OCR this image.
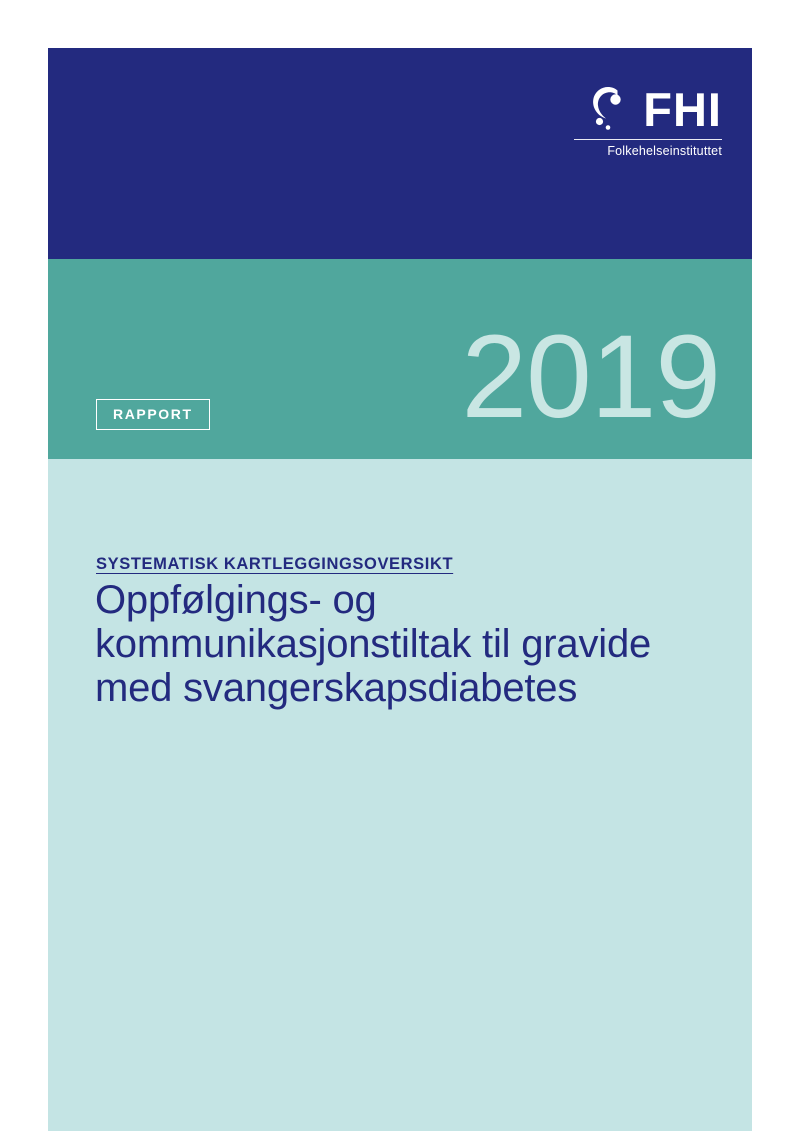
FHI
Folkehelseinstituttet
2019
RAPPORT
SYSTEMATISK KARTLEGGINGSOVERSIKT
Oppfølgings- og kommunikasjonstiltak til gravide med svangerskapsdiabetes
